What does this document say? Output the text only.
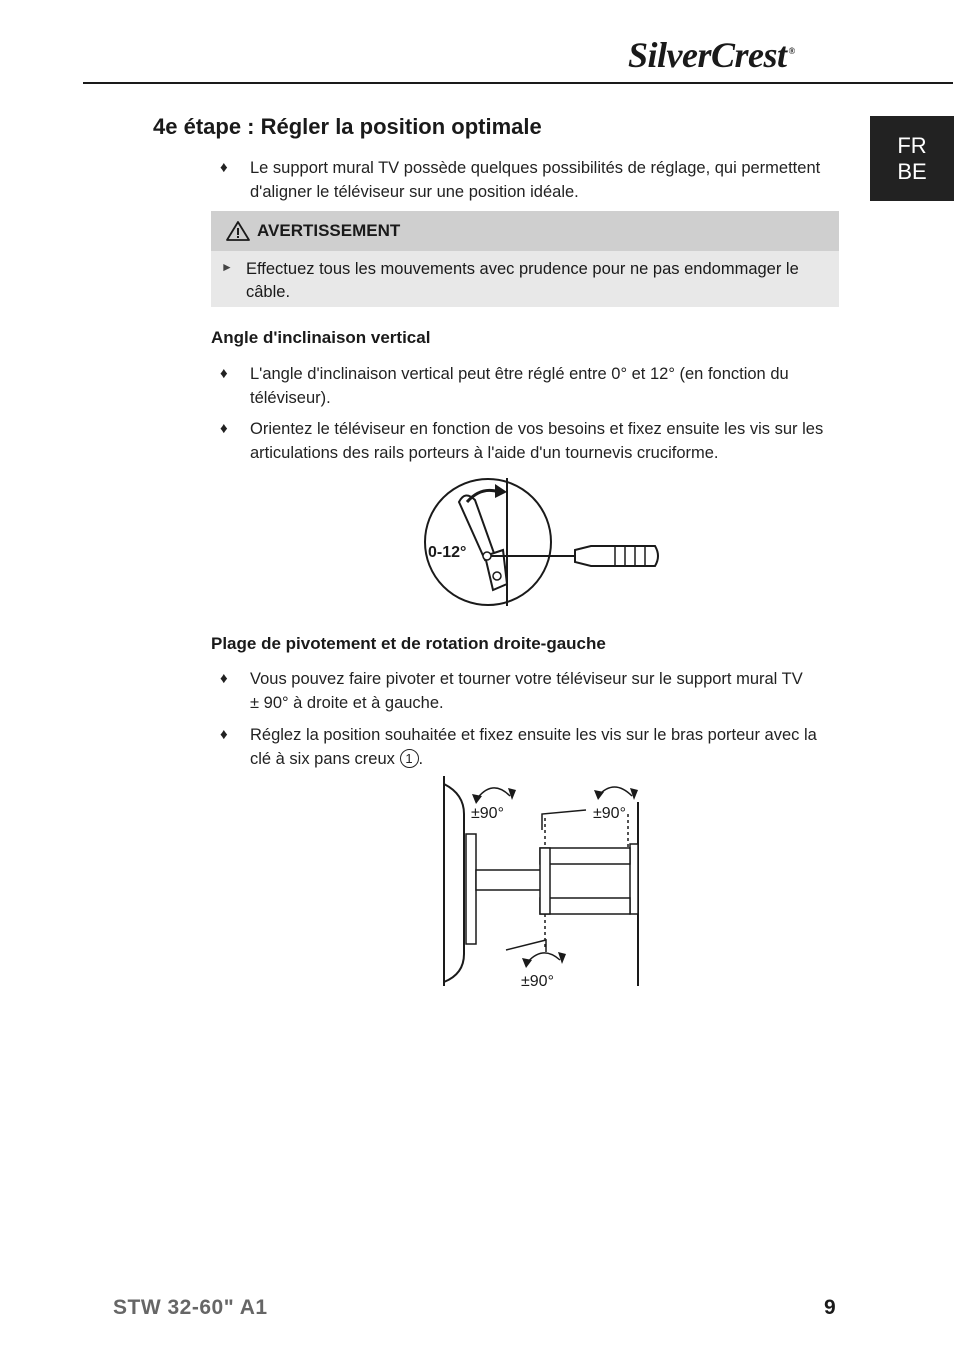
SilverCrest ®
FR
BE
4e étape : Régler la position optimale
♦ Le support mural TV possède quelques possibilités de réglage, qui permettent d'aligner le téléviseur sur une position idéale.
AVERTISSEMENT
► Effectuez tous les mouvements avec prudence pour ne pas endommager le câble.
Angle d'inclinaison vertical
♦ L'angle d'inclinaison vertical peut être réglé entre 0° et 12° (en fonction du téléviseur).
♦ Orientez le téléviseur en fonction de vos besoins et fixez ensuite les vis sur les articulations des rails porteurs à l'aide d'un tournevis cruciforme.
0-12°
Plage de pivotement et de rotation droite-gauche
♦ Vous pouvez faire pivoter et tourner votre téléviseur sur le support mural TV ± 90° à droite et à gauche.
♦ Réglez la position souhaitée et fixez ensuite les vis sur le bras porteur avec la clé à six pans creux 1 .
±90°	±90°
±90°
STW 32-60" A1	9
